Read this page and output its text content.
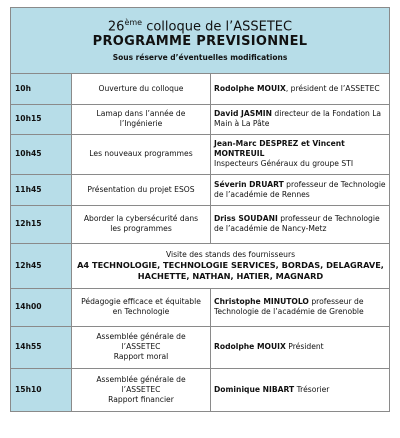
26ème colloque de l’ASSETEC
PROGRAMME PREVISIONNEL
Sous réserve d’éventuelles modifications
10h	Ouverture du colloque	Rodolphe MOUIX, président de l’ASSETEC
10h15	Lamap dans l’année de
l’Ingénierie	David JASMIN directeur de la Fondation La Main à La Pâte
10h45	Les nouveaux programmes	Jean-Marc DESPREZ et Vincent MONTREUIL
Inspecteurs Généraux du groupe STI
11h45	Présentation du projet ESOS	Séverin DRUART professeur de Technologie de l’académie de Rennes
12h15	Aborder la cybersécurité dans
les programmes	Driss SOUDANI professeur de Technologie de l’académie de Nancy-Metz
12h45	Visite des stands des fournisseurs
A4 TECHNOLOGIE, TECHNOLOGIE SERVICES, BORDAS, DELAGRAVE,
HACHETTE, NATHAN, HATIER, MAGNARD	

14h00	Pédagogie efficace et équitable
en Technologie	Christophe MINUTOLO professeur de Technologie de l’académie de Grenoble
14h55	Assemblée générale de
l’ASSETEC
Rapport moral	Rodolphe MOUIX Président
15h10	Assemblée générale de
l’ASSETEC
Rapport financier	Dominique NIBART Trésorier
